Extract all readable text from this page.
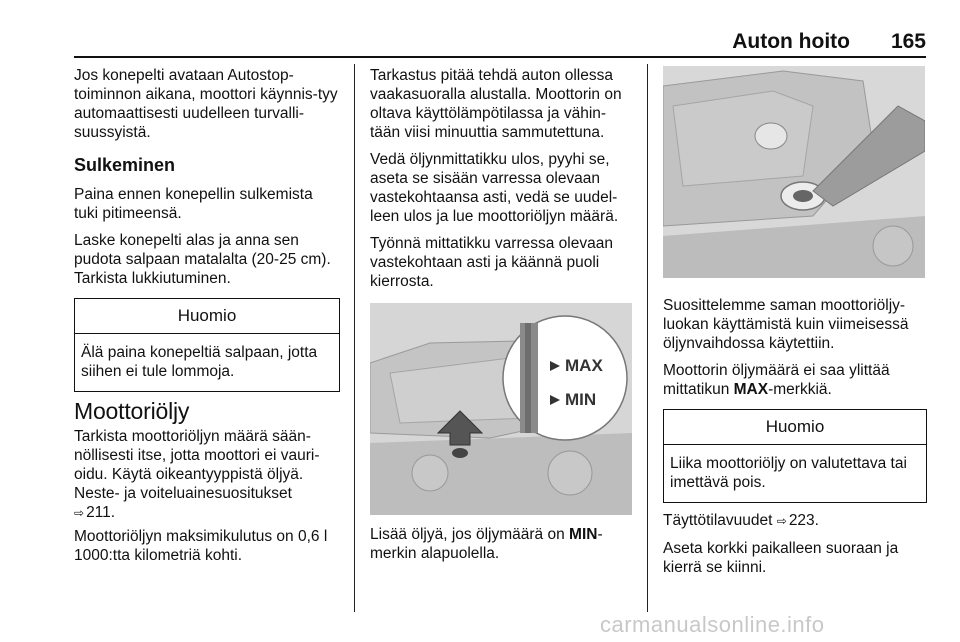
Auton hoito 165

Jos konepelti avataan Autostop-toiminnon aikana, moottori käynnis-tyy automaattisesti uudelleen turvalli-suussyistä.

Sulkeminen

Paina ennen konepellin sulkemista tuki pitimeensä.

Laske konepelti alas ja anna sen pudota salpaan matalalta (20-25 cm). Tarkista lukkiutuminen.

Huomio
Älä paina konepeltiä salpaan, jotta siihen ei tule lommoja.
Moottoriöljy

Tarkista moottoriöljyn määrä sään-nöllisesti itse, jotta moottori ei vauri-oidu. Käytä oikeantyyppistä öljyä. Neste- ja voiteluainesuositukset
⇨ 211.

Moottoriöljyn maksimikulutus on 0,6 l 1000:tta kilometriä kohti.

Tarkastus pitää tehdä auton ollessa vaakasuoralla alustalla. Moottorin on oltava käyttölämpötilassa ja vähin-tään viisi minuuttia sammutettuna.

Vedä öljynmittatikku ulos, pyyhi se, aseta se sisään varressa olevaan vastekohtaansa asti, vedä se uudel-leen ulos ja lue moottoriöljyn määrä.

Työnnä mittatikku varressa olevaan vastekohtaan asti ja käännä puoli kierrosta.

MAX
MIN

Lisää öljyä, jos öljymäärä on MIN-merkin alapuolella.

Suosittelemme saman moottoriöljy-luokan käyttämistä kuin viimeisessä öljynvaihdossa käytettiin.

Moottorin öljymäärä ei saa ylittää mittatikun MAX-merkkiä.

Huomio
Liika moottoriöljy on valutettava tai imettävä pois.

Täyttötilavuudet ⇨ 223.

Aseta korkki paikalleen suoraan ja kierrä se kiinni.

carmanualsonline.info
